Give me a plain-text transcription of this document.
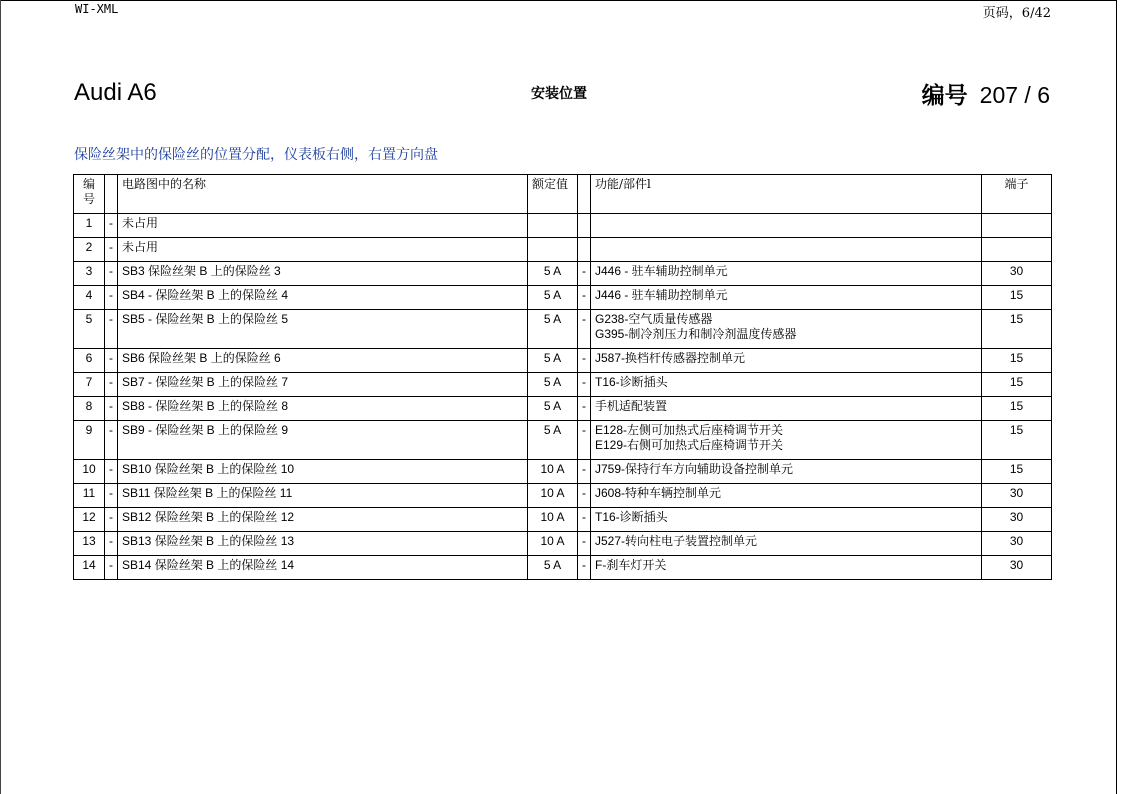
WI-XML	页码，6/42
Audi A6	安装位置	编号 207 / 6
保险丝架中的保险丝的位置分配，仪表板右侧，右置方向盘
编号		电路图中的名称	额定值		功能/部件l	端子
1	-	未占用				
2	-	未占用				
3	-	SB3 保险丝架 B 上的保险丝 3	5 A	-	J446 - 驻车辅助控制单元	30
4	-	SB4 - 保险丝架 B 上的保险丝 4	5 A	-	J446 - 驻车辅助控制单元	15
5	-	SB5 - 保险丝架 B 上的保险丝 5	5 A	-	G238-空气质量传感器
G395-制冷剂压力和制冷剂温度传感器	15
6	-	SB6 保险丝架 B 上的保险丝 6	5 A	-	J587-换档杆传感器控制单元	15
7	-	SB7 - 保险丝架 B 上的保险丝 7	5 A	-	T16-诊断插头	15
8	-	SB8 - 保险丝架 B 上的保险丝 8	5 A	-	手机适配装置	15
9	-	SB9 - 保险丝架 B 上的保险丝 9	5 A	-	E128-左侧可加热式后座椅调节开关
E129-右侧可加热式后座椅调节开关	15
10	-	SB10 保险丝架 B 上的保险丝 10	10 A	-	J759-保持行车方向辅助设备控制单元	15
11	-	SB11 保险丝架 B 上的保险丝 11	10 A	-	J608-特种车辆控制单元	30
12	-	SB12 保险丝架 B 上的保险丝 12	10 A	-	T16-诊断插头	30
13	-	SB13 保险丝架 B 上的保险丝 13	10 A	-	J527-转向柱电子装置控制单元	30
14	-	SB14 保险丝架 B 上的保险丝 14	5 A	-	F-刹车灯开关	30
